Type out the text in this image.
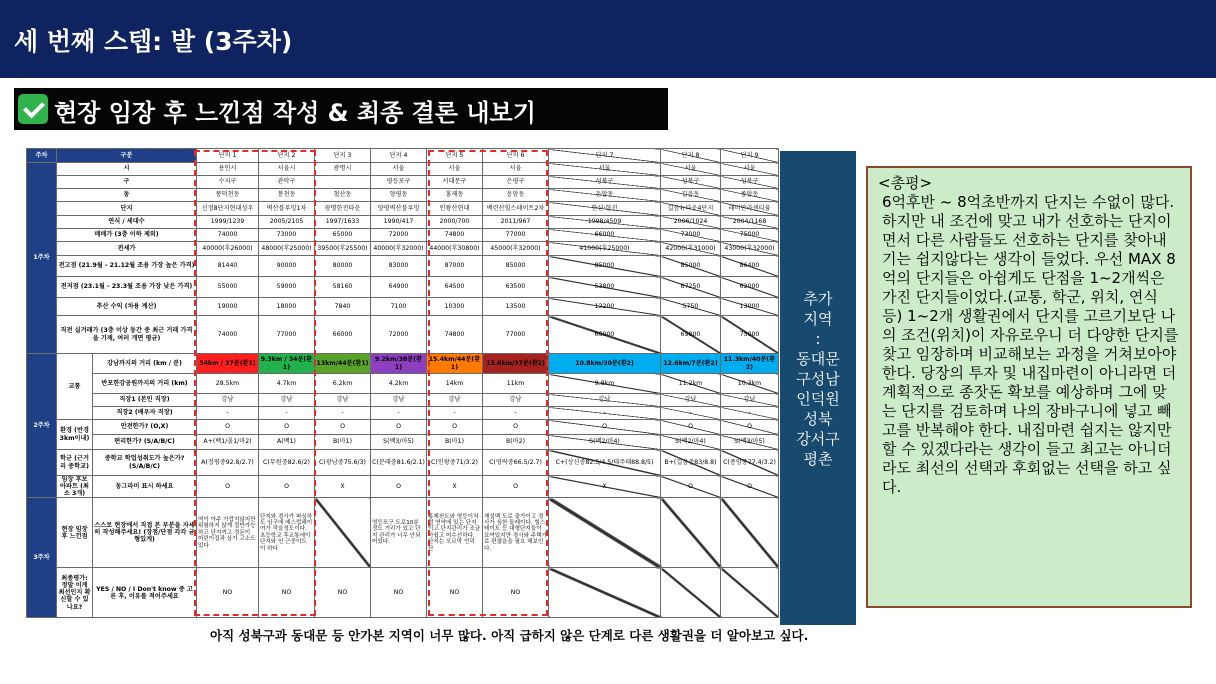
세 번째 스텝: 발 (3주차)
현장 임장 후 느낀점 작성 & 최종 결론 내보기
주차	구분		단지 1	단지 2	단지 3	단지 4	단지 5	단지 6	단지 7	단지 8	단지 9
1주차	시		용인시	서울시	광명시	서울	서울	서울	서울	서울	서울
	구		수지구	관악구		영등포구	서대문구	은평구	성북구	성북구	성북구
	동		풍덕천동	봉천동	철산동	양평동	홍제동	응암동	돈암동	길음동	종암동
	단지		신정8단지현대성우	벽산블루밍1차	광명한진타운	양평벽산블루밍	인왕산현대	백련산힐스테이트2차	한신·한진	길음뉴타운4단지	래미안라센티움
	연식 / 세대수		1999/1239	2005/2105	1997/1633	1990/417	2000/700	2011/967	1998/4509	2006/1024	2004/1168
	매매가 (3층 이하 제외)		74000	73000	65000	72000	74800	77000	66000	73000	75000
	전세가		40000(후26000)	48000(후25000)	39500(후25500)	40000(후32000)	44000(후30800)	45000(후32000)	41000(후25000)	42000(후31000)	43000(후32000)
	전고점 (21.9월 - 21.12월 조용 가장 높은 가격)		81440	90000	80000	83000	87000	85000	85000	85000	86400
	전저점 (23.1월 - 23.3월 조용 가장 낮은 가격)		55000	59000	58160	64900	64500	63500	53800	67250	62000
	추산 수익 (차용 계산)		19000	18000	7840	7100	10300	13500	12200	5750	13000
	직전 실거래가 (3층 이상 동간 중 최근 거래 가격을 기재, 여러 개면 평균)		74000	77000	66000	72000	74800	77000	66000	69800	75000
2주차	교통	강남까지의 거리 (km / 분)	34km / 37분(환1)	9.3km / 34분(환1)	13km/44분(환1)	9.2km/38분(환1)	15.4km/44분(환1)	13.6km/37분(환2)	10.8km/30분(환2)	12.6km/7분(환2)	11.3km/40분(환2)
		반포한강공원까지의 거리 (km)	28.5km	4.7km	6.2km	4.2km	14km	11km	9.8km	11.2km	10.3km
		직장1 (본인 직장)	강남	강남	강남	강남	강남	강남	강남	강남	강남
		직장2 (배우자 직장)	-	-	-	-	-	-	-	-	-
	환경 (반경 3km이내)	안전한가? (O,X)	O	O	O	O	O	O	O	O	O
		편리한가? (S/A/B/C)	A+(백1/몰1/마2)	A(백1)	B(마1)	S(백3/마5)	B(마1)	B(마2)	S(백2/마4)	S(백2/마4)	S(백3/마5)
	학군 (근거리 중학교)	중학교 학업성취도가 높은가? (S/A/B/C)	A(정평중92.8/2.7)	C(무원중82.6/2)	C(광남중75.6/3)	C(문래중81.6/2.1)	C(인왕중71/3.2)	C(영락중66.5/2.7)	C+(상신중82.5/4.5/태주태88.8/5)	B+(길음중83/8.8)	C(종암중77.4/3.2)
	임장 후보 아파트 (최소 3개)	동그라미 표시 하세요	O	O	X	O	X	O	X	O	O
3주차	현장 임장 후 느낀점	스스로 현장에서 직접 본 부분을 자세히 작성해주세요! (장점/단점 각각 균형있게)	역이 아주 가깝지않지만 위험하지 않게 절반가능하고 단지끼고 정돈이 어린이집과 상가 고소도 있다	단지와 경사가 파심하도 임구에 예스럽해이여가 작을정도이다. 초등학교 후교통에이 단지와 인 근중이도 이 하다		영등포구 도로10분 정도 거리가 있고 단지 관리가 너무 안되어있다.	홍제천도와 영등이처럼 연약에 있는 단지이고 단지관리가 조금 아쉽고 어수선하다. 단지는 오르막 언덕 산	재설백 도로 출가이고 경사가 심한 둘레이다. 힐스테이트 등 대형단지들이 묘여있지만 경사와 주택가로 편찮을을 필요 해보인다.			
	최종평가: 정말 이게 최선인지 확신할 수 있나요?	YES / NO / I Don't know 중 고른 후, 이유를 적어주세요	NO	NO	NO	NO	NO	NO			
추가
지역
:
동대문
구성남
인덕원
성북
강서구
평촌
아직 성북구과 동대문 등 안가본 지역이 너무 많다. 아직 급하지 않은 단계로 다른 생활권을 더 알아보고 싶다.
<총평>
6억후반 ~ 8억초반까지 단지는 수없이 많다. 하지만 내 조건에 맞고 내가 선호하는 단지이면서 다른 사람들도 선호하는 단지를 찾아내기는 쉽지않다는 생각이 들었다. 우선 MAX 8억의 단지들은 아쉽게도 단점을 1~2개씩은 가진 단지들이었다.(교통, 학군, 위치, 연식 등) 1~2개 생활권에서 단지를 고르기보단 나의 조건(위치)이 자유로우니 더 다양한 단지를 찾고 임장하며 비교해보는 과정을 거쳐보아야 한다. 당장의 투자 및 내집마련이 아니라면 더 계획적으로 종잣돈 확보를 예상하며 그에 맞는 단지를 검토하며 나의 장바구니에 넣고 빼고를 반복해야 한다. 내집마련 쉽지는 않지만 할 수 있겠다라는 생각이 들고 최고는 아니더라도 최선의 선택과 후회없는 선택을 하고 싶다.
